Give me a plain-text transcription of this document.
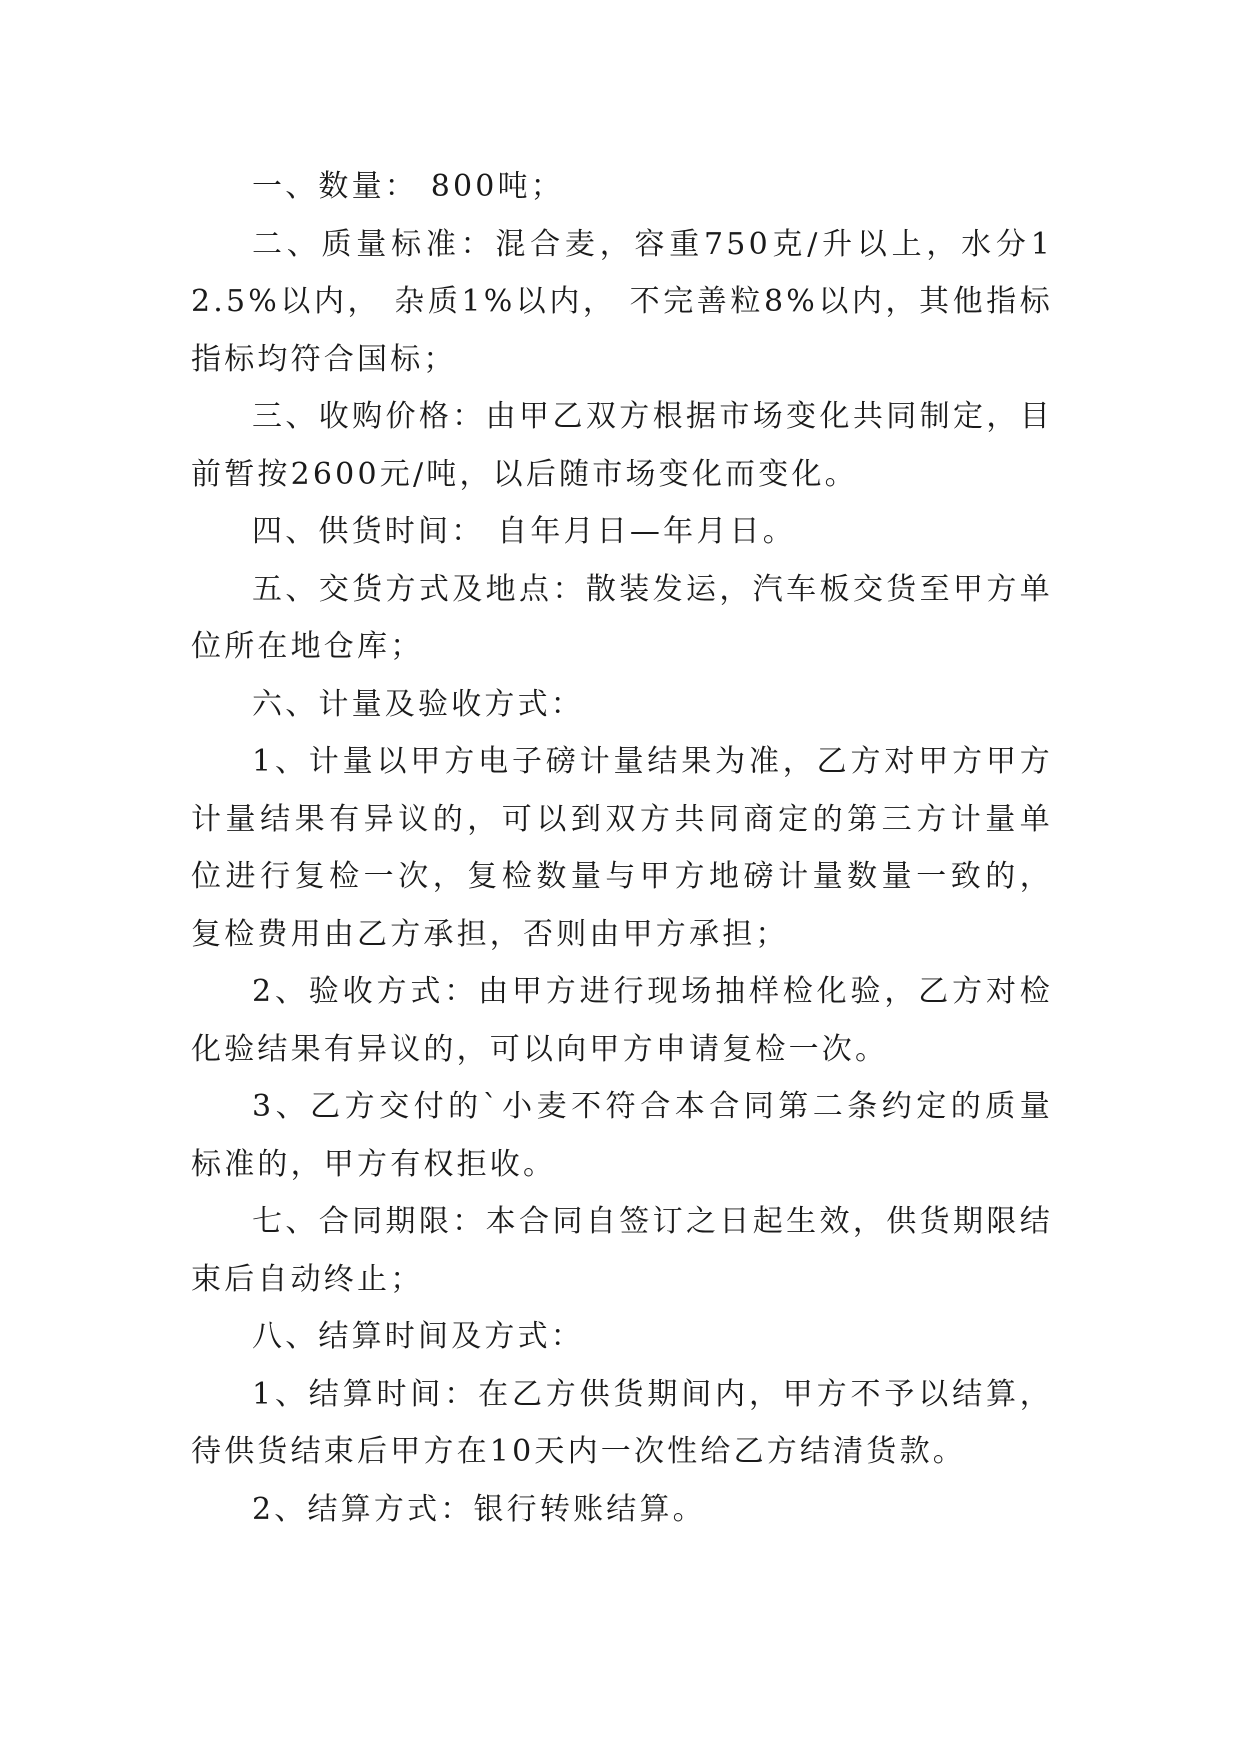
一、数量： 800吨；

二、质量标准：混合麦，容重750克/升以上，水分12.5%以内， 杂质1%以内， 不完善粒8%以内，其他指标指标均符合国标；

三、收购价格：由甲乙双方根据市场变化共同制定，目前暂按2600元/吨，以后随市场变化而变化。

四、供货时间： 自年月日—年月日。

五、交货方式及地点：散装发运，汽车板交货至甲方单位所在地仓库；

六、计量及验收方式：

1、计量以甲方电子磅计量结果为准，乙方对甲方甲方计量结果有异议的，可以到双方共同商定的第三方计量单位进行复检一次，复检数量与甲方地磅计量数量一致的，复检费用由乙方承担，否则由甲方承担；

2、验收方式：由甲方进行现场抽样检化验，乙方对检化验结果有异议的，可以向甲方申请复检一次。

3、乙方交付的`小麦不符合本合同第二条约定的质量标准的，甲方有权拒收。

七、合同期限：本合同自签订之日起生效，供货期限结束后自动终止；

八、结算时间及方式：

1、结算时间：在乙方供货期间内，甲方不予以结算，待供货结束后甲方在10天内一次性给乙方结清货款。

2、结算方式：银行转账结算。
